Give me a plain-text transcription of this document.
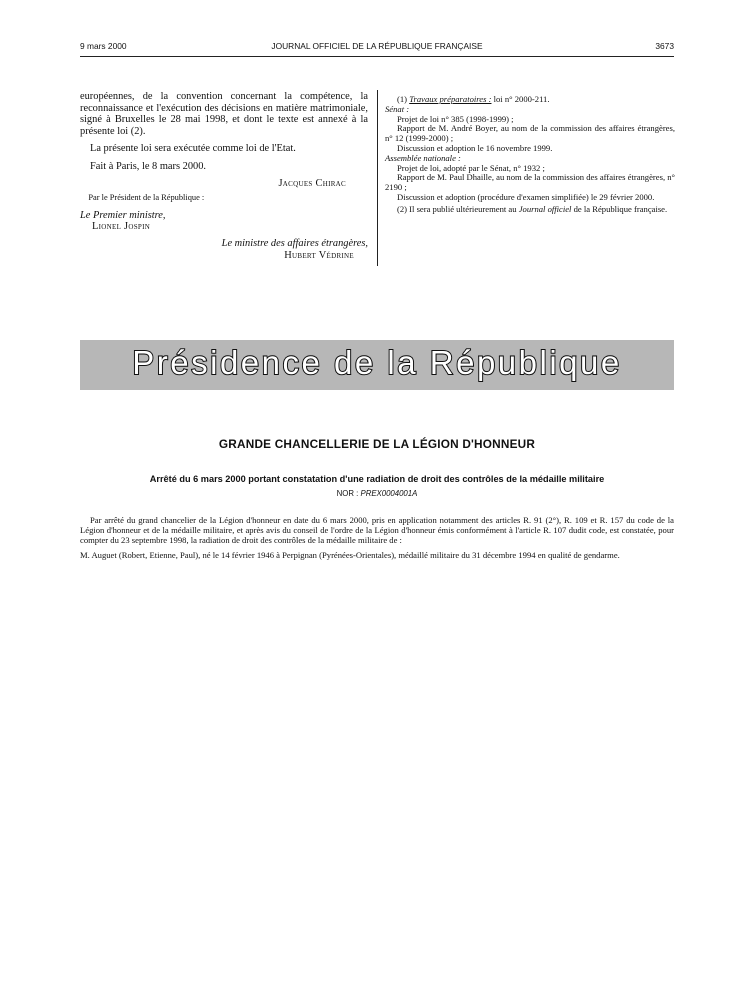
9 mars 2000	JOURNAL OFFICIEL DE LA RÉPUBLIQUE FRANÇAISE	3673

européennes, de la convention concernant la compétence, la reconnaissance et l'exécution des décisions en matière matrimoniale, signé à Bruxelles le 28 mai 1998, et dont le texte est annexé à la présente loi (2).

La présente loi sera exécutée comme loi de l'Etat.

Fait à Paris, le 8 mars 2000.

Jacques Chirac

Par le Président de la République :

Le Premier ministre,

Lionel Jospin

Le ministre des affaires étrangères,

Hubert Védrine

(1) Travaux préparatoires : loi n° 2000-211.

Sénat :

Projet de loi n° 385 (1998-1999) ;

Rapport de M. André Boyer, au nom de la commission des affaires étrangères, n° 12 (1999-2000) ;

Discussion et adoption le 16 novembre 1999.

Assemblée nationale :

Projet de loi, adopté par le Sénat, n° 1932 ;

Rapport de M. Paul Dhaille, au nom de la commission des affaires étrangères, n° 2190 ;

Discussion et adoption (procédure d'examen simplifiée) le 29 février 2000.

(2) Il sera publié ultérieurement au Journal officiel de la République française.

Présidence de la République
GRANDE CHANCELLERIE DE LA LÉGION D'HONNEUR
Arrêté du 6 mars 2000 portant constatation d'une radiation de droit des contrôles de la médaille militaire
NOR : PREX0004001A

Par arrêté du grand chancelier de la Légion d'honneur en date du 6 mars 2000, pris en application notamment des articles R. 91 (2°), R. 109 et R. 157 du code de la Légion d'honneur et de la médaille militaire, et après avis du conseil de l'ordre de la Légion d'honneur émis conformément à l'article R. 107 dudit code, est constatée, pour compter du 23 septembre 1998, la radiation de droit des contrôles de la médaille militaire de :

M. Auguet (Robert, Etienne, Paul), né le 14 février 1946 à Perpignan (Pyrénées-Orientales), médaillé militaire du 31 décembre 1994 en qualité de gendarme.
